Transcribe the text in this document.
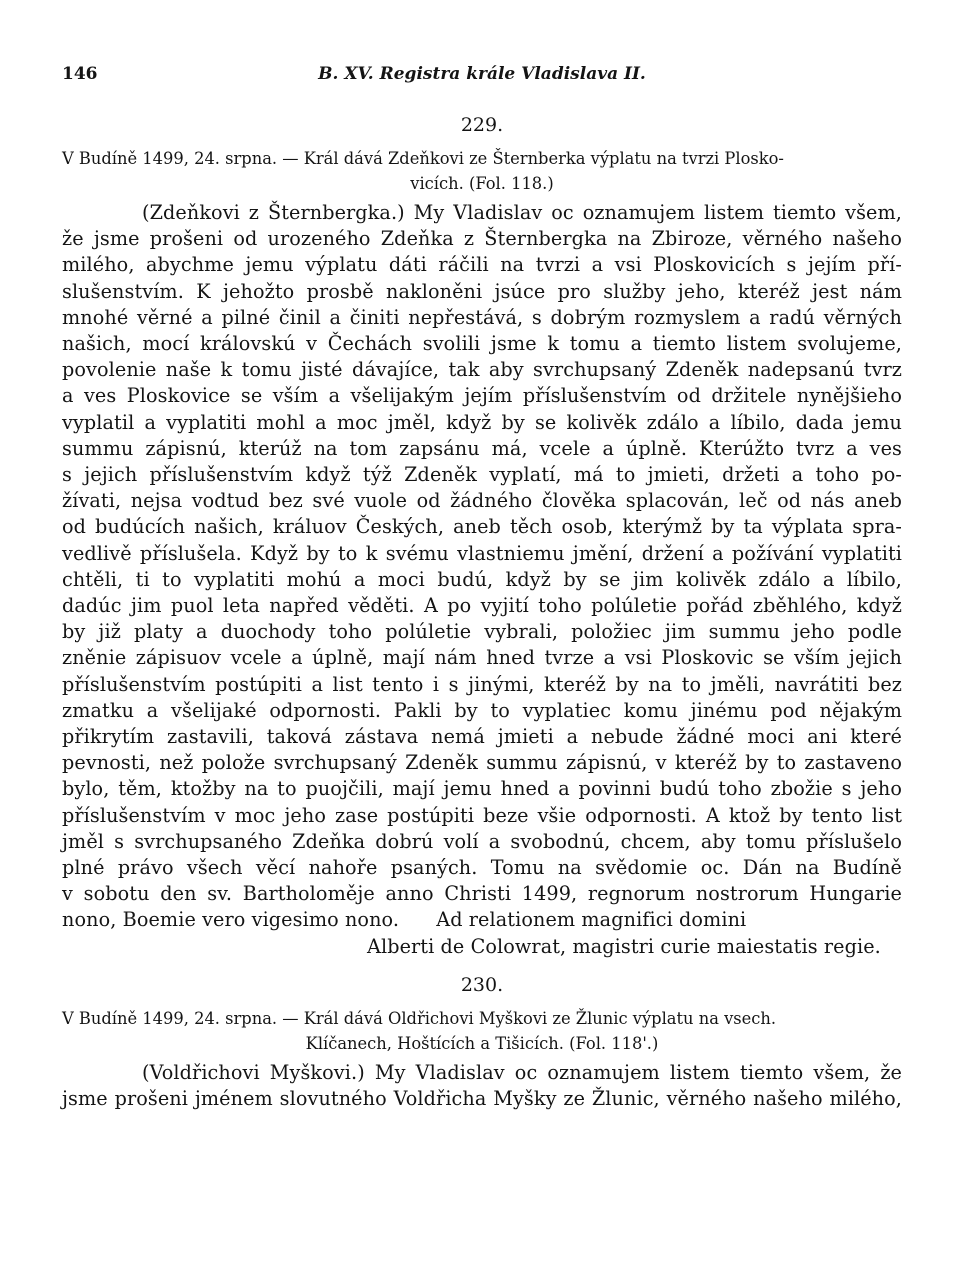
146	B. XV. Registra krále Vladislava II.
229.
V Budíně 1499, 24. srpna. — Král dává Zdeňkovi ze Šternberka výplatu na tvrzi Plosko-
vicích. (Fol. 118.)
(Zdeňkovi z Šternbergka.) My Vladislav oc oznamujem listem tiemto všem,
že jsme prošeni od urozeného Zdeňka z Šternbergka na Zbiroze, věrného našeho
milého, abychme jemu výplatu dáti ráčili na tvrzi a vsi Ploskovicích s jejím pří-
slušenstvím. K jehožto prosbě nakloněni jsúce pro služby jeho, kteréž jest nám
mnohé věrné a pilné činil a činiti nepřestává, s dobrým rozmyslem a radú věrných
našich, mocí královskú v Čechách svolili jsme k tomu a tiemto listem svolujeme,
povolenie naše k tomu jisté dávajíce, tak aby svrchupsaný Zdeněk nadepsanú tvrz
a ves Ploskovice se vším a všelijakým jejím příslušenstvím od držitele nynějšieho
vyplatil a vyplatiti mohl a moc jměl, když by se kolivěk zdálo a líbilo, dada jemu
summu zápisnú, kterúž na tom zapsánu má, vcele a úplně. Kterúžto tvrz a ves
s jejich příslušenstvím když týž Zdeněk vyplatí, má to jmieti, držeti a toho po-
žívati, nejsa vodtud bez své vuole od žádného člověka splacován, leč od nás aneb
od budúcích našich, králuov Českých, aneb těch osob, kterýmž by ta výplata spra-
vedlivě příslušela. Když by to k svému vlastniemu jmění, držení a požívání vyplatiti
chtěli, ti to vyplatiti mohú a moci budú, když by se jim kolivěk zdálo a líbilo,
dadúc jim puol leta napřed věděti. A po vyjití toho polúletie pořád zběhlého, když
by již platy a duochody toho polúletie vybrali, položiec jim summu jeho podle
zněnie zápisuov vcele a úplně, mají nám hned tvrze a vsi Ploskovic se vším jejich
příslušenstvím postúpiti a list tento i s jinými, kteréž by na to jměli, navrátiti bez
zmatku a všelijaké odpornosti. Pakli by to vyplatiec komu jinému pod nějakým
přikrytím zastavili, taková zástava nemá jmieti a nebude žádné moci ani které
pevnosti, než polože svrchupsaný Zdeněk summu zápisnú, v kteréž by to zastaveno
bylo, těm, ktožby na to puojčili, mají jemu hned a povinni budú toho zbožie s jeho
příslušenstvím v moc jeho zase postúpiti beze všie odpornosti. A ktož by tento list
jměl s svrchupsaného Zdeňka dobrú volí a svobodnú, chcem, aby tomu příslušelo
plné právo všech věcí nahoře psaných. Tomu na svědomie oc. Dán na Budíně
v sobotu den sv. Bartholoměje anno Christi 1499, regnorum nostrorum Hungarie
nono, Boemie vero vigesimo nono.      Ad relationem magnifici domini
Alberti de Colowrat, magistri curie maiestatis regie.
230.
V Budíně 1499, 24. srpna. — Král dává Oldřichovi Myškovi ze Žlunic výplatu na vsech.
Klíčanech, Hoštících a Tišicích. (Fol. 118'.)
(Voldřichovi Myškovi.) My Vladislav oc oznamujem listem tiemto všem, že
jsme prošeni jménem slovutného Voldřicha Myšky ze Žlunic, věrného našeho milého,
